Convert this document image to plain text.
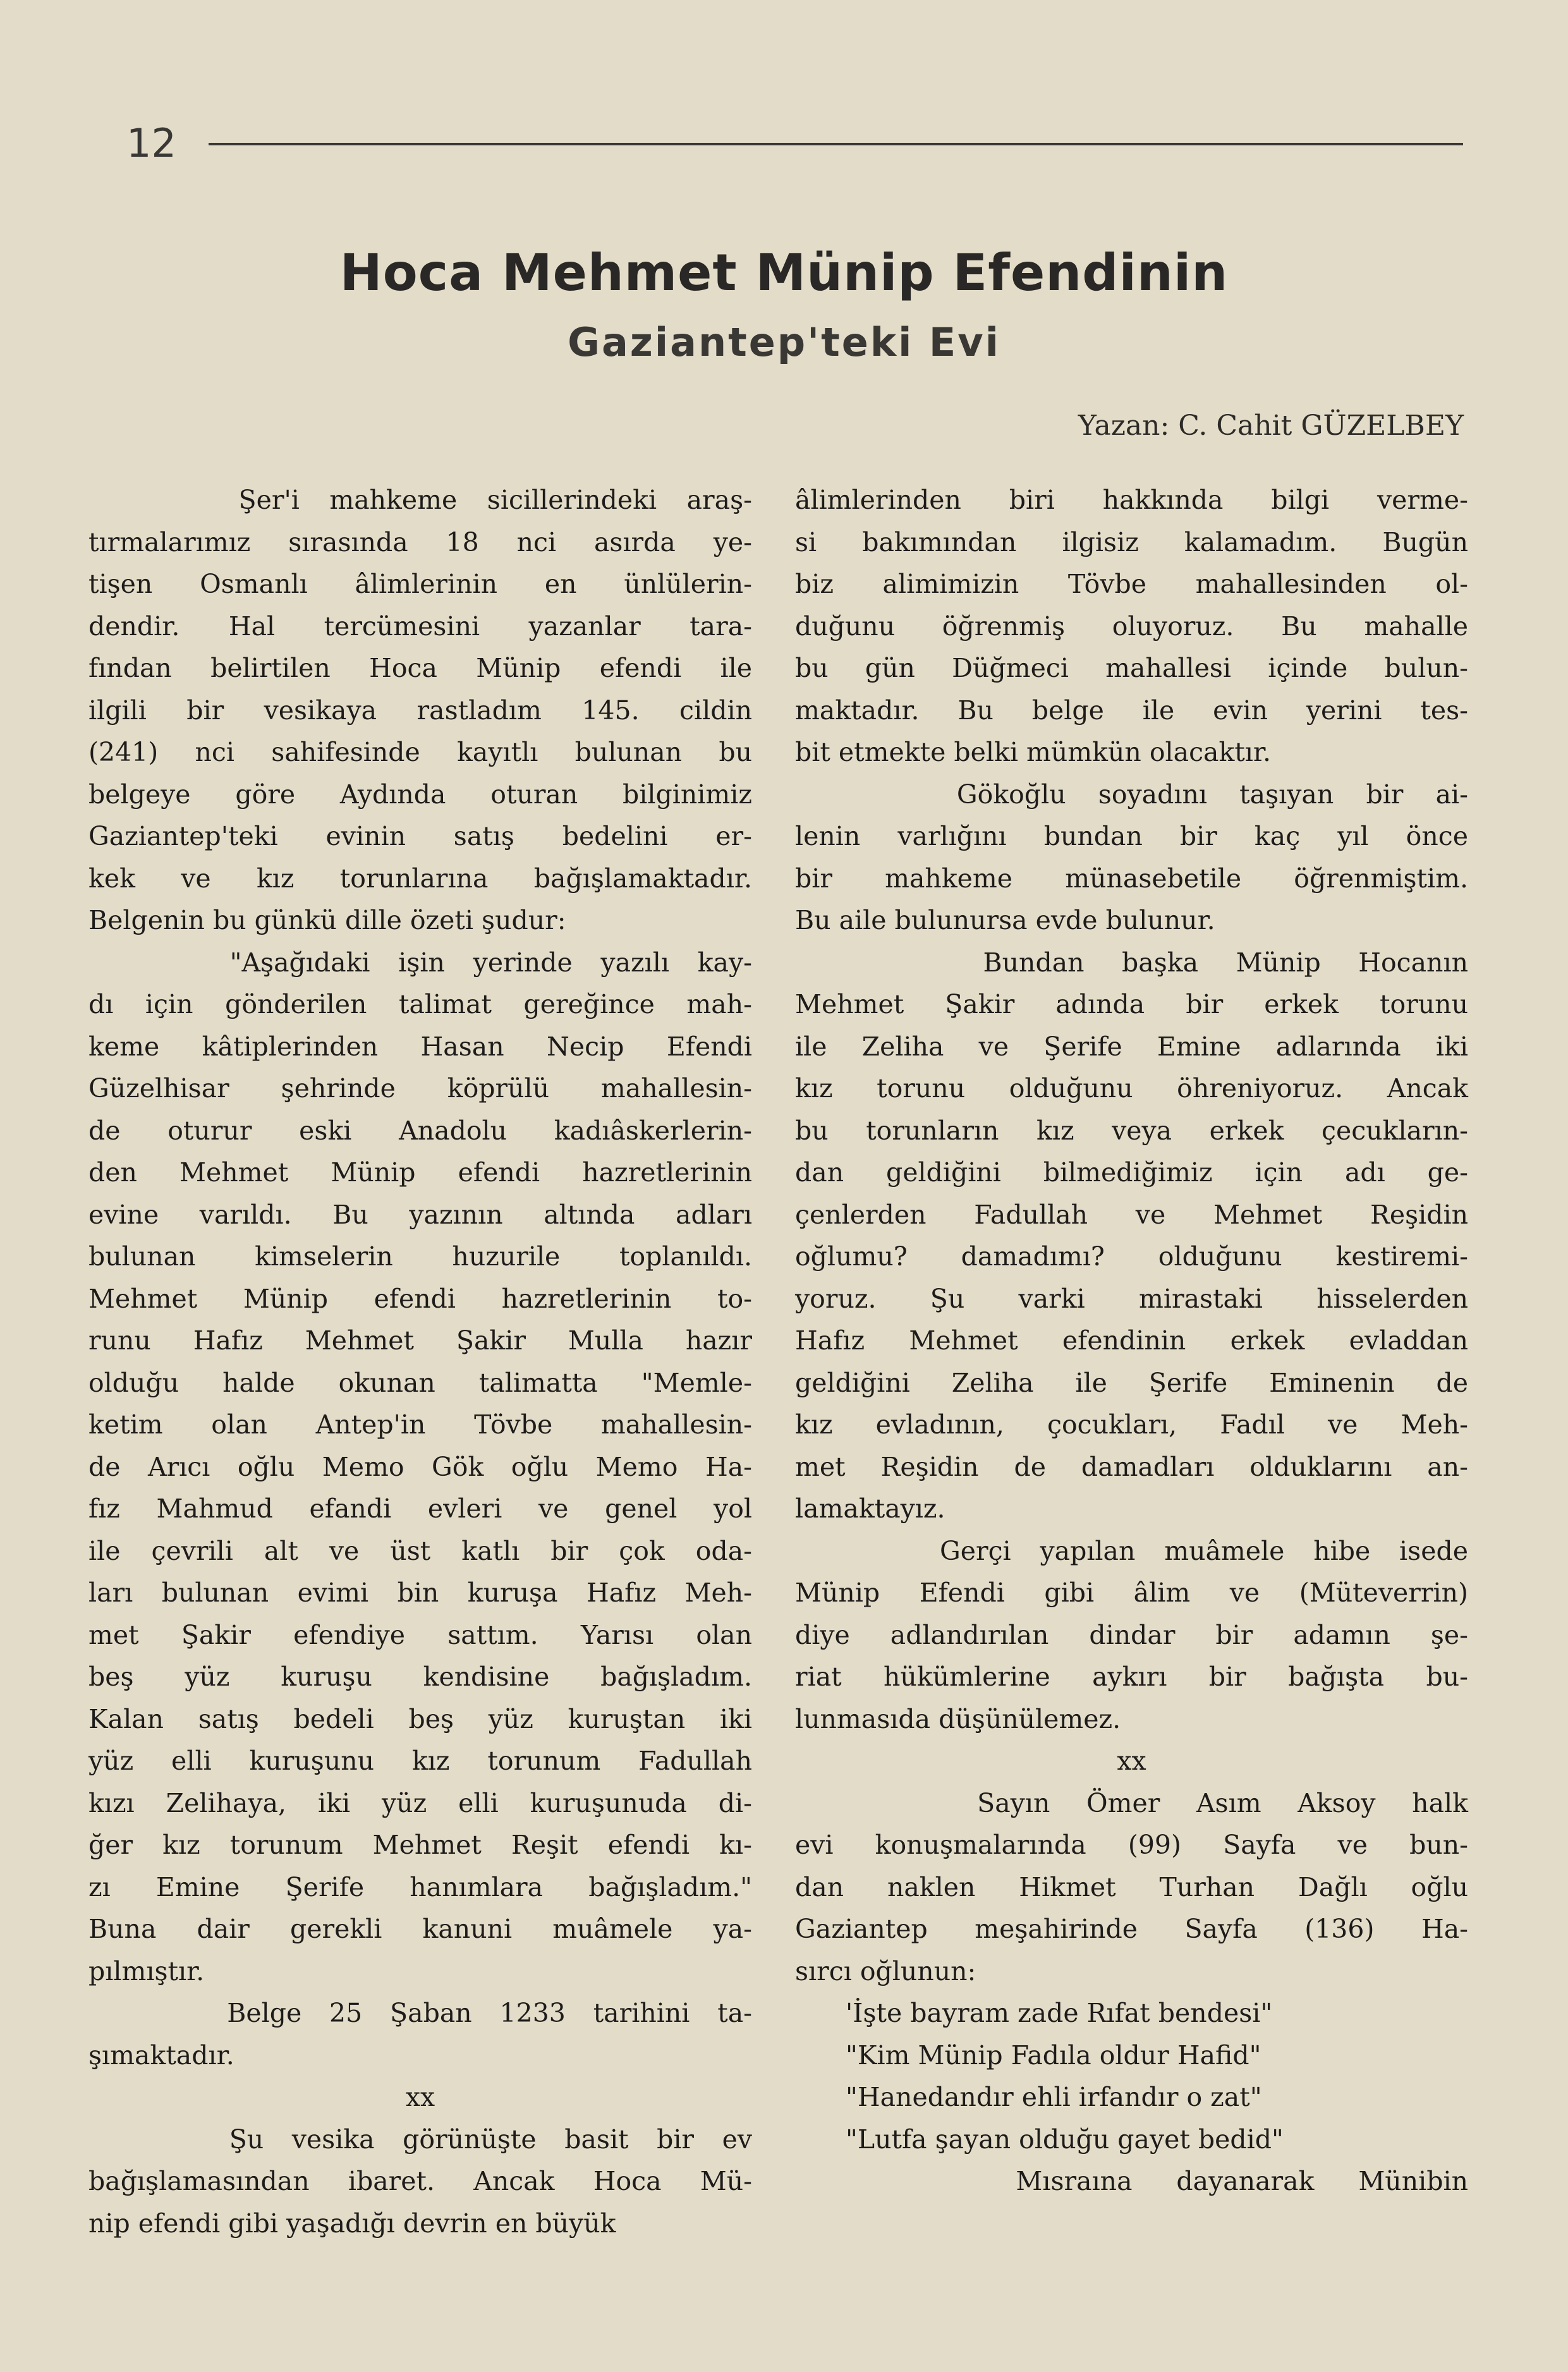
12
Hoca Mehmet Münip Efendinin
Gaziantep'teki Evi
Yazan: C. Cahit GÜZELBEY
Şer'i mahkeme sicillerindeki araş-
tırmalarımız sırasında 18 nci asırda ye-
tişen Osmanlı âlimlerinin en ünlülerin-
dendir. Hal tercümesini yazanlar tara-
fından belirtilen Hoca Münip efendi ile
ilgili bir vesikaya rastladım 145. cildin
(241) nci sahifesinde kayıtlı bulunan bu
belgeye göre Aydında oturan bilginimiz
Gaziantep'teki evinin satış bedelini er-
kek ve kız torunlarına bağışlamaktadır.
Belgenin bu günkü dille özeti şudur:
"Aşağıdaki işin yerinde yazılı kay-
dı için gönderilen talimat gereğince mah-
keme kâtiplerinden Hasan Necip Efendi
Güzelhisar şehrinde köprülü mahallesin-
de oturur eski Anadolu kadıâskerlerin-
den Mehmet Münip efendi hazretlerinin
evine varıldı. Bu yazının altında adları
bulunan kimselerin huzurile toplanıldı.
Mehmet Münip efendi hazretlerinin to-
runu Hafız Mehmet Şakir Mulla hazır
olduğu halde okunan talimatta "Memle-
ketim olan Antep'in Tövbe mahallesin-
de Arıcı oğlu Memo Gök oğlu Memo Ha-
fız Mahmud efandi evleri ve genel yol
ile çevrili alt ve üst katlı bir çok oda-
ları bulunan evimi bin kuruşa Hafız Meh-
met Şakir efendiye sattım. Yarısı olan
beş yüz kuruşu kendisine bağışladım.
Kalan satış bedeli beş yüz kuruştan iki
yüz elli kuruşunu kız torunum Fadullah
kızı Zelihaya, iki yüz elli kuruşunuda di-
ğer kız torunum Mehmet Reşit efendi kı-
zı Emine Şerife hanımlara bağışladım."
Buna dair gerekli kanuni muâmele ya-
pılmıştır.
Belge 25 Şaban 1233 tarihini ta-
şımaktadır.
xx
Şu vesika görünüşte basit bir ev
bağışlamasından ibaret. Ancak Hoca Mü-
nip efendi gibi yaşadığı devrin en büyük
âlimlerinden biri hakkında bilgi verme-
si bakımından ilgisiz kalamadım. Bugün
biz alimimizin Tövbe mahallesinden ol-
duğunu öğrenmiş oluyoruz. Bu mahalle
bu gün Düğmeci mahallesi içinde bulun-
maktadır. Bu belge ile evin yerini tes-
bit etmekte belki mümkün olacaktır.
Gökoğlu soyadını taşıyan bir ai-
lenin varlığını bundan bir kaç yıl önce
bir mahkeme münasebetile öğrenmiştim.
Bu aile bulunursa evde bulunur.
Bundan başka Münip Hocanın
Mehmet Şakir adında bir erkek torunu
ile Zeliha ve Şerife Emine adlarında iki
kız torunu olduğunu öhreniyoruz. Ancak
bu torunların kız veya erkek çecukların-
dan geldiğini bilmediğimiz için adı ge-
çenlerden Fadullah ve Mehmet Reşidin
oğlumu? damadımı? olduğunu kestiremi-
yoruz. Şu varki mirastaki hisselerden
Hafız Mehmet efendinin erkek evladdan
geldiğini Zeliha ile Şerife Eminenin de
kız evladının, çocukları, Fadıl ve Meh-
met Reşidin de damadları olduklarını an-
lamaktayız.
Gerçi yapılan muâmele hibe isede
Münip Efendi gibi âlim ve (Müteverrin)
diye adlandırılan dindar bir adamın şe-
riat hükümlerine aykırı bir bağışta bu-
lunmasıda düşünülemez.
xx
Sayın Ömer Asım Aksoy halk
evi konuşmalarında (99) Sayfa ve bun-
dan naklen Hikmet Turhan Dağlı oğlu
Gaziantep meşahirinde Sayfa (136) Ha-
sırcı oğlunun:
'İşte bayram zade Rıfat bendesi"
"Kim Münip Fadıla oldur Hafid"
"Hanedandır ehli irfandır o zat"
"Lutfa şayan olduğu gayet bedid"
Mısraına dayanarak Münibin
